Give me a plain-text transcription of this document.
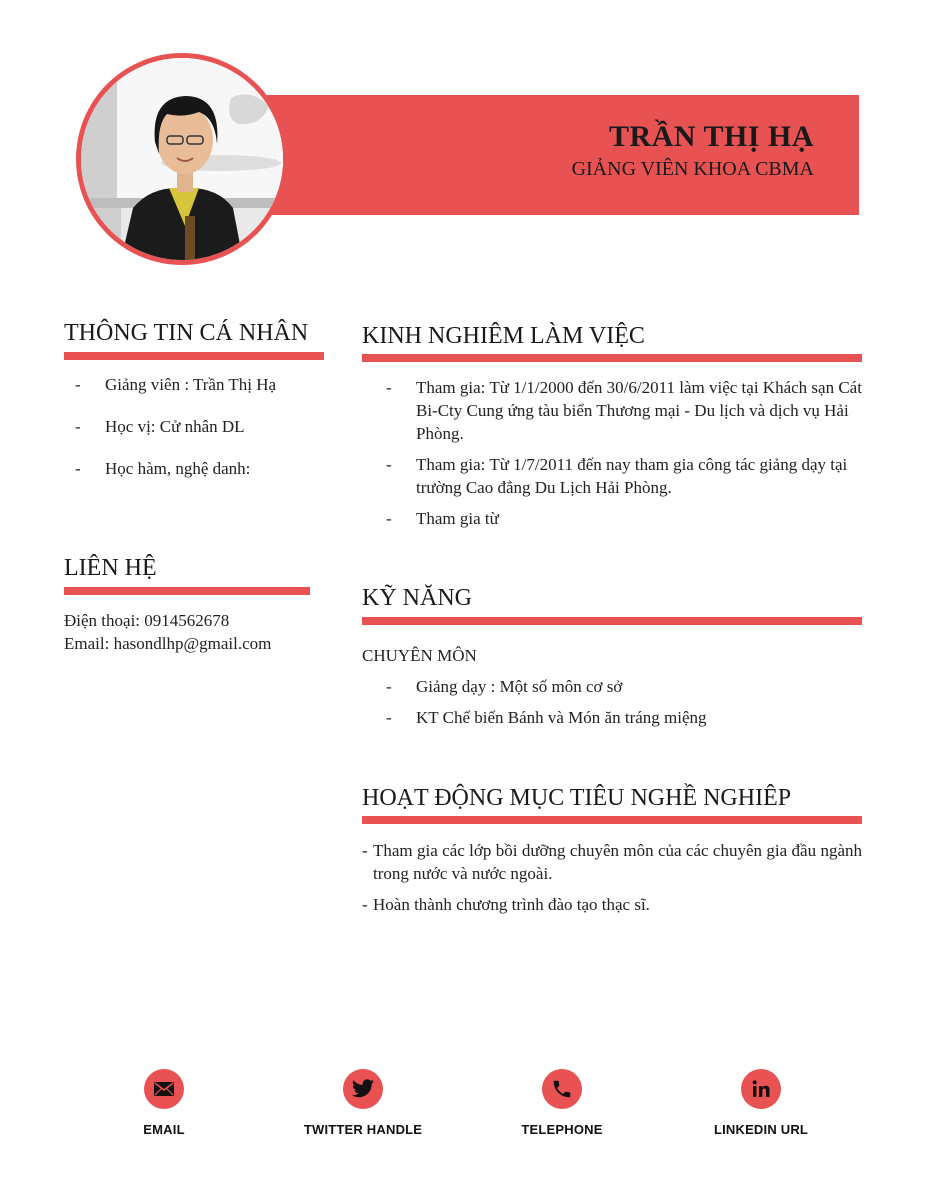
TRẦN THỊ HẠ
GIẢNG VIÊN KHOA CBMA
THÔNG TIN CÁ NHÂN
- Giảng viên : Trần Thị Hạ
- Học vị: Cử nhân DL
- Học hàm, nghệ danh:
LIÊN HỆ
Điện thoại: 0914562678
Email: hasondlhp@gmail.com
KINH NGHIÊM LÀM VIỆC
- Tham gia: Từ 1/1/2000 đến 30/6/2011 làm việc tại Khách sạn Cát Bi-Cty Cung ứng tàu biển Thương mại - Du lịch và dịch vụ Hải Phòng.
- Tham gia: Từ 1/7/2011 đến nay tham gia công tác giảng dạy tại trường Cao đẳng Du Lịch Hải Phòng.
- Tham gia từ
KỸ NĂNG
CHUYÊN MÔN
- Giảng dạy : Một số môn cơ sở
- KT Chế biến Bánh và Món ăn tráng miệng
HOẠT ĐỘNG MỤC TIÊU NGHỀ NGHIÊP
- Tham gia các lớp bồi dưỡng chuyên môn của các chuyên gia đầu ngành trong nước và nước ngoài.
- Hoàn thành chương trình đào tạo thạc sĩ.
EMAIL	TWITTER HANDLE	TELEPHONE	LINKEDIN URL
